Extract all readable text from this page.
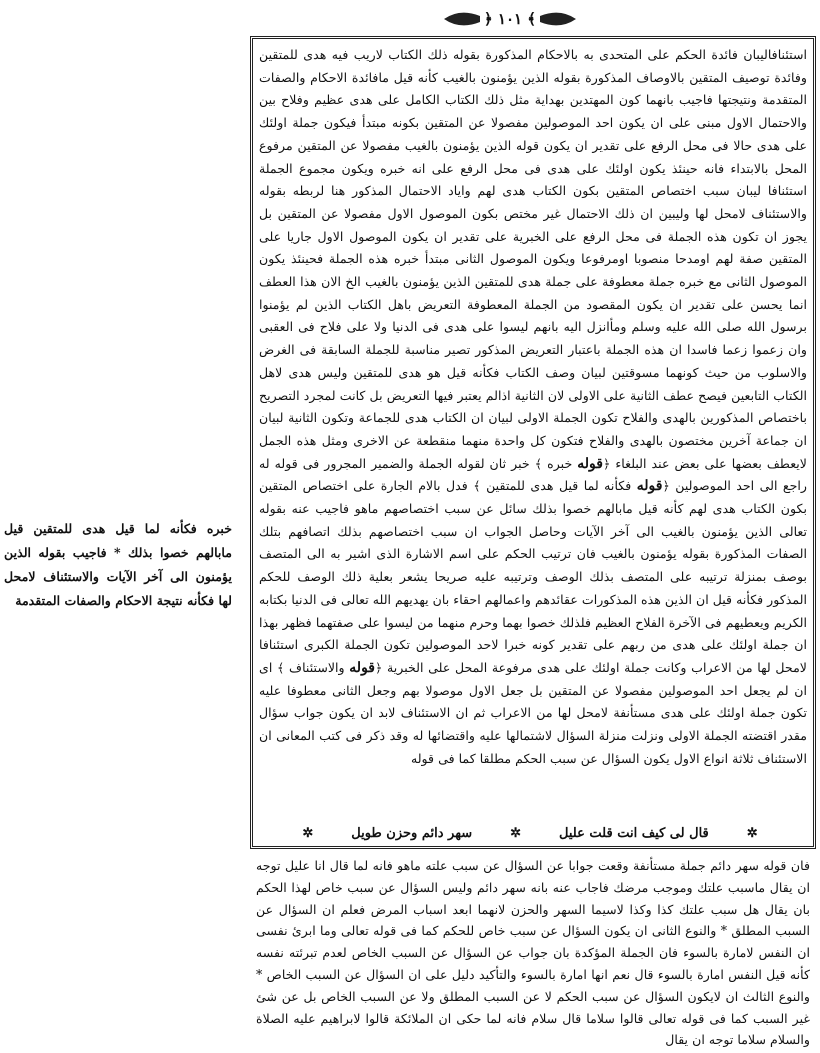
﴿ ١٠١ ﴾

استئنافاليبان فائدة الحكم على المتحدى به بالاحكام المذكورة بقوله ذلك الكتاب لاريب فيه هدى للمتقين وفائدة توصيف المتقين بالاوصاف المذكورة بقوله الذين يؤمنون بالغيب كأنه قيل مافائدة الاحكام والصفات المتقدمة ونتيجتها فاجيب بانهما كون المهتدين بهداية مثل ذلك الكتاب الكامل على هدى عظيم وفلاح بين والاحتمال الاول مبنى على ان يكون احد الموصولين مفصولا عن المتقين بكونه مبتدأ فيكون جملة اولئك على هدى حالا فى محل الرفع على تقدير ان يكون قوله الذين يؤمنون بالغيب مفصولا عن المتقين مرفوع المحل بالابتداء فانه حينئذ يكون اولئك على هدى فى محل الرفع على انه خبره ويكون مجموع الجملة استئنافا ليبان سبب اختصاص المتقين بكون الكتاب هدى لهم واياد الاحتمال المذكور هنا لربطه بقوله والاستئناف لامحل لها وليبين ان ذلك الاحتمال غير مختص بكون الموصول الاول مفصولا عن المتقين بل يجوز ان تكون هذه الجملة فى محل الرفع على الخبرية على تقدير ان يكون الموصول الاول جاريا على المتقين صفة لهم اومدحا منصوبا اومرفوعا ويكون الموصول الثانى مبتدأ خبره هذه الجملة فحينئذ يكون الموصول الثانى مع خبره جملة معطوفة على جملة هدى للمتقين الذين يؤمنون بالغيب الخ الان هذا العطف انما يحسن على تقدير ان يكون المقصود من الجملة المعطوفة التعريض باهل الكتاب الذين لم يؤمنوا برسول الله صلى الله عليه وسلم ومأانزل اليه بانهم ليسوا على هدى فى الدنيا ولا على فلاح فى العقبى وان زعموا زعما فاسدا ان هذه الجملة باعتبار التعريض المذكور تصير مناسبة للجملة السابقة فى الغرض والاسلوب من حيث كونهما مسوقتين لبيان وصف الكتاب فكأنه قيل هو هدى للمتقين وليس هدى لاهل الكتاب التابعين فيصح عطف الثانية على الاولى لان الثانية اذالم يعتبر فيها التعريض بل كانت لمجرد التصريح باختصاص المذكورين بالهدى والفلاح تكون الجملة الاولى لبيان ان الكتاب هدى للجماعة وتكون الثانية لبيان ان جماعة آخرين مختصون بالهدى والفلاح فتكون كل واحدة منهما منقطعة عن الاخرى ومثل هذه الجمل لايعطف بعضها على بعض عند البلغاء ﴿قوله خبره ﴾ خبر ثان لقوله الجملة والضمير المجرور فى قوله له راجع الى احد الموصولين ﴿قوله فكأنه لما قيل هدى للمتقين ﴾ فدل بالام الجارة على اختصاص المتقين بكون الكتاب هدى لهم كأنه قيل مابالهم خصوا بذلك سائل عن سبب اختصاصهم ماهو فاجيب عنه بقوله تعالى الذين يؤمنون بالغيب الى آخر الآيات وحاصل الجواب ان سبب اختصاصهم بذلك اتصافهم بتلك الصفات المذكورة بقوله يؤمنون بالغيب فان ترتيب الحكم على اسم الاشارة الذى اشير به الى المتصف بوصف بمنزلة ترتيبه على المتصف بذلك الوصف وترتيبه عليه صريحا يشعر بعلية ذلك الوصف للحكم المذكور فكأنه قيل ان الذين هذه المذكورات عقائدهم واعمالهم احقاء بان يهديهم الله تعالى فى الدنيا بكتابه الكريم ويعطيهم فى الآخرة الفلاح العظيم فلذلك خصوا بهما وحرم منهما من ليسوا على صفتهما فظهر بهذا ان جملة اولئك على هدى من ربهم على تقدير كونه خبرا لاحد الموصولين تكون الجملة الكبرى استئنافا لامحل لها من الاعراب وكانت جملة اولئك على هدى مرفوعة المحل على الخبرية ﴿قوله والاستئناف ﴾ اى ان لم يجعل احد الموصولين مفصولا عن المتقين بل جعل الاول موصولا بهم وجعل الثانى معطوفا عليه تكون جملة اولئك على هدى مستأنفة لامحل لها من الاعراب ثم ان الاستئناف لابد ان يكون جواب سؤال مقدر اقتضته الجملة الاولى ونزلت منزلة السؤال لاشتمالها عليه واقتضائها له وقد ذكر فى كتب المعانى ان الاستئناف ثلاثة انواع الاول يكون السؤال عن سبب الحكم مطلقا كما فى قوله

✲
قال لى كيف انت قلت عليل
✲
سهر دائم وحزن طويل
✲
فان قوله سهر دائم جملة مستأنفة وقعت جوابا عن السؤال عن سبب علته ماهو فانه لما قال انا عليل توجه ان يقال ماسبب علتك وموجب مرضك فاجاب عنه بانه سهر دائم وليس السؤال عن سبب خاص لهذا الحكم بان يقال هل سبب علتك كذا وكذا لاسيما السهر والحزن لانهما ابعد اسباب المرض فعلم ان السؤال عن السبب المطلق * والنوع الثانى ان يكون السؤال عن سبب خاص للحكم كما فى قوله تعالى وما ابرئ نفسى ان النفس لامارة بالسوء فان الجملة المؤكدة بان جواب عن السؤال عن السبب الخاص لعدم تبرئته نفسه كأنه قيل النفس امارة بالسوء قال نعم انها امارة بالسوء والتأكيد دليل على ان السؤال عن السبب الخاص * والنوع الثالث ان لايكون السؤال عن سبب الحكم لا عن السبب المطلق ولا عن السبب الخاص بل عن شئ غير السبب كما فى قوله تعالى قالوا سلاما قال سلام فانه لما حكى ان الملائكة قالوا لابراهيم عليه الصلاة والسلام سلاما توجه ان يقال
خبره فكأنه لما قيل هدى للمتقين قيل مابالهم خصوا بذلك * فاجيب بقوله الذين يؤمنون الى آخر الآيات والاستئناف لامحل لها فكأنه نتيجة الاحكام والصفات المتقدمة
